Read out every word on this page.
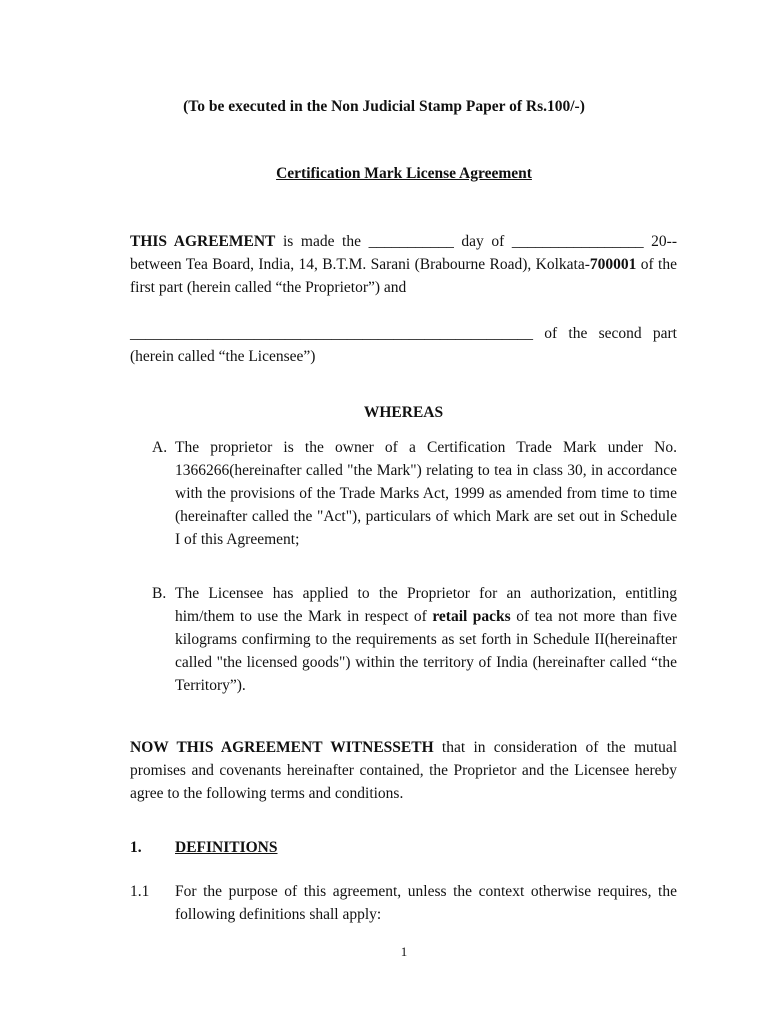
(To be executed in the Non Judicial Stamp Paper of Rs.100/-)
Certification Mark License Agreement

THIS AGREEMENT is made the ___________ day of _________________ 20-- between Tea Board, India, 14, B.T.M. Sarani (Brabourne Road), Kolkata-700001 of the first part (herein called “the Proprietor”) and

____________________________________________________ of the second part (herein called “the Licensee”)

WHEREAS
A. The proprietor is the owner of a Certification Trade Mark under No. 1366266(hereinafter called "the Mark") relating to tea in class 30, in accordance with the provisions of the Trade Marks Act, 1999 as amended from time to time (hereinafter called the "Act"), particulars of which Mark are set out in Schedule I of this Agreement;
B. The Licensee has applied to the Proprietor for an authorization, entitling him/them to use the Mark in respect of retail packs of tea not more than five kilograms confirming to the requirements as set forth in Schedule II(hereinafter called "the licensed goods") within the territory of India (hereinafter called “the Territory”).

NOW THIS AGREEMENT WITNESSETH that in consideration of the mutual promises and covenants hereinafter contained, the Proprietor and the Licensee hereby agree to the following terms and conditions.

1.	DEFINITIONS
1.1	For the purpose of this agreement, unless the context otherwise requires, the following definitions shall apply:
1
